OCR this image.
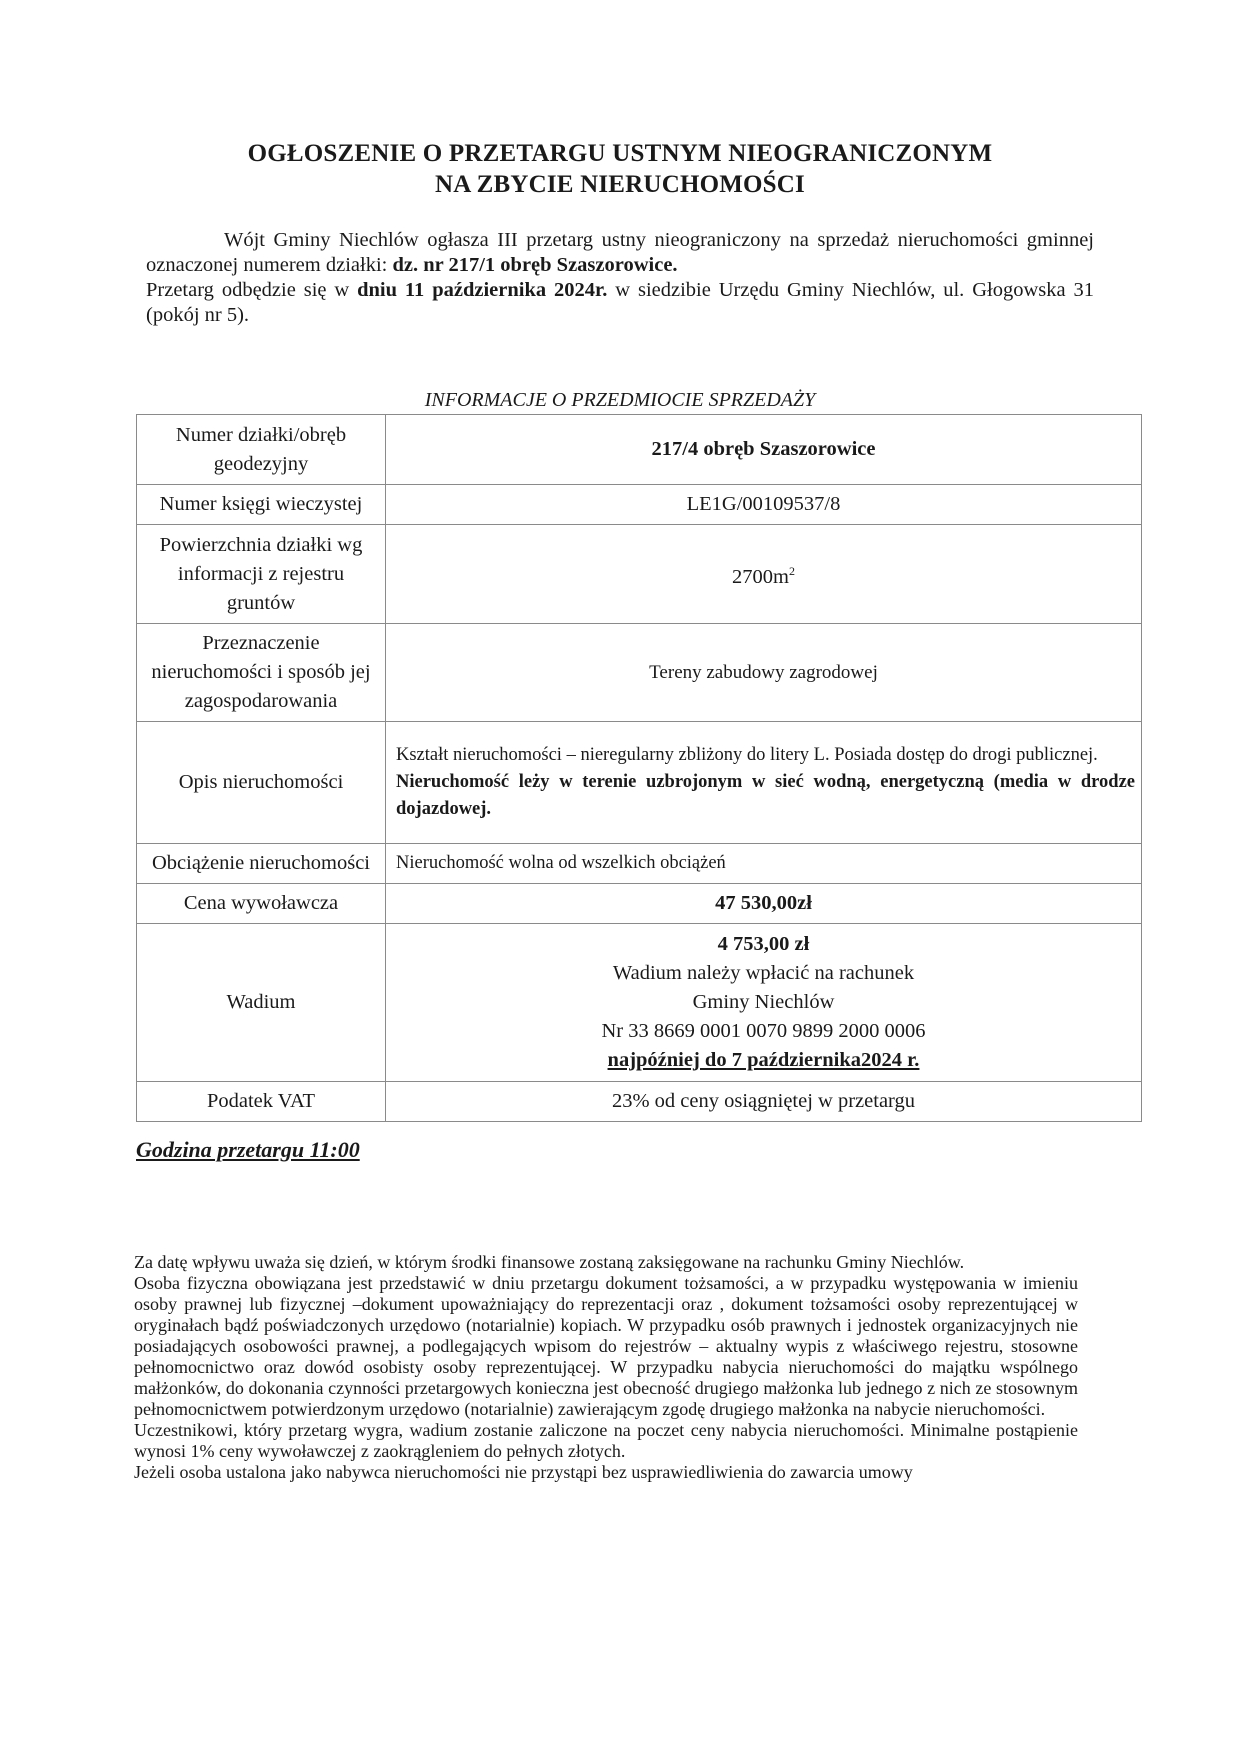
OGŁOSZENIE O PRZETARGU USTNYM NIEOGRANICZONYM
NA ZBYCIE NIERUCHOMOŚCI

Wójt Gminy Niechlów ogłasza III przetarg ustny nieograniczony na sprzedaż nieruchomości gminnej oznaczonej numerem działki: dz. nr 217/1 obręb Szaszorowice.

Przetarg odbędzie się w dniu 11 października 2024r. w siedzibie Urzędu Gminy Niechlów, ul. Głogowska 31 (pokój nr 5).

INFORMACJE O PRZEDMIOCIE SPRZEDAŻY
Numer działki/obręb geodezyjny	217/4 obręb Szaszorowice
Numer księgi wieczystej	LE1G/00109537/8
Powierzchnia działki wg informacji z rejestru gruntów	$2700m^2$
Przeznaczenie nieruchomości i sposób jej zagospodarowania	Tereny zabudowy zagrodowej
Opis nieruchomości	Kształt nieruchomości – nieregularny zbliżony do litery L. Posiada dostęp do drogi publicznej.
Nieruchomość leży w terenie uzbrojonym w sieć wodną, energetyczną (media w drodze dojazdowej.

Obciążenie nieruchomości	Nieruchomość wolna od wszelkich obciążeń
Cena wywoławcza	47 530,00zł
Wadium	4 753,00 zł
Wadium należy wpłacić na rachunek
Gminy Niechlów
Nr 33 8669 0001 0070 9899 2000 0006
najpóźniej do 7 października2024 r.

Podatek VAT	23% od ceny osiągniętej w przetargu
Godzina przetargu 11:00

Za datę wpływu uważa się dzień, w którym środki finansowe zostaną zaksięgowane na rachunku Gminy Niechlów.

Osoba fizyczna obowiązana jest przedstawić w dniu przetargu dokument tożsamości, a w przypadku występowania w imieniu osoby prawnej lub fizycznej –dokument upoważniający do reprezentacji oraz , dokument tożsamości osoby reprezentującej w oryginałach bądź poświadczonych urzędowo (notarialnie) kopiach. W przypadku osób prawnych i jednostek organizacyjnych nie posiadających osobowości prawnej, a podlegających wpisom do rejestrów – aktualny wypis z właściwego rejestru, stosowne pełnomocnictwo oraz dowód osobisty osoby reprezentującej. W przypadku nabycia nieruchomości do majątku wspólnego małżonków, do dokonania czynności przetargowych konieczna jest obecność drugiego małżonka lub jednego z nich ze stosownym pełnomocnictwem potwierdzonym urzędowo (notarialnie) zawierającym zgodę drugiego małżonka na nabycie nieruchomości.

Uczestnikowi, który przetarg wygra, wadium zostanie zaliczone na poczet ceny nabycia nieruchomości. Minimalne postąpienie wynosi 1% ceny wywoławczej z zaokrągleniem do pełnych złotych.

Jeżeli osoba ustalona jako nabywca nieruchomości nie przystąpi bez usprawiedliwienia do zawarcia umowy
